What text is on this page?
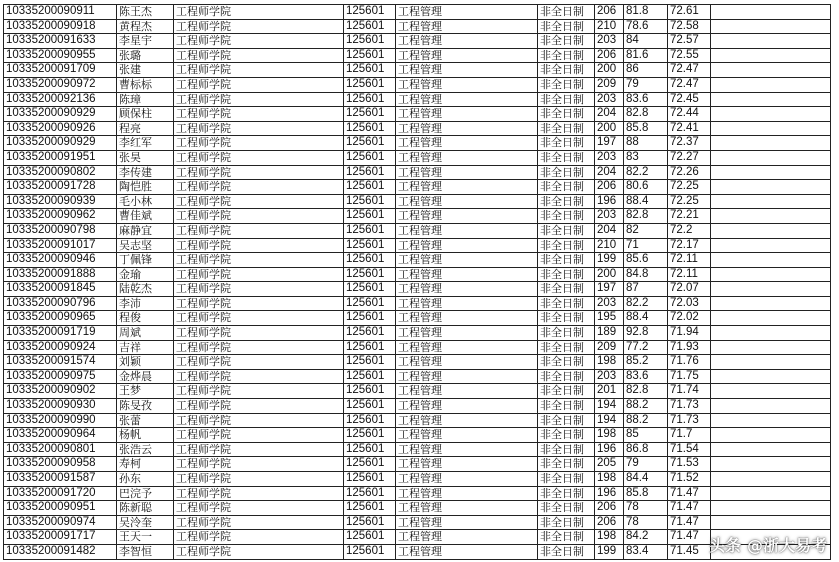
10335200090911	陈王杰	工程师学院	125601	工程管理	非全日制	206	81.8	72.61	
10335200090918	黄程杰	工程师学院	125601	工程管理	非全日制	210	78.6	72.58	
10335200091633	李星宇	工程师学院	125601	工程管理	非全日制	203	84	72.57	
10335200090955	张璐	工程师学院	125601	工程管理	非全日制	206	81.6	72.55	
10335200091709	张建	工程师学院	125601	工程管理	非全日制	200	86	72.47	
10335200090972	曹标标	工程师学院	125601	工程管理	非全日制	209	79	72.47	
10335200092136	陈璋	工程师学院	125601	工程管理	非全日制	203	83.6	72.45	
10335200090929	顾保柱	工程师学院	125601	工程管理	非全日制	204	82.8	72.44	
10335200090926	程亮	工程师学院	125601	工程管理	非全日制	200	85.8	72.41	
10335200090929	李红军	工程师学院	125601	工程管理	非全日制	197	88	72.37	
10335200091951	张昊	工程师学院	125601	工程管理	非全日制	203	83	72.27	
10335200090802	李传建	工程师学院	125601	工程管理	非全日制	204	82.2	72.26	
10335200091728	陶恺胜	工程师学院	125601	工程管理	非全日制	206	80.6	72.25	
10335200090939	毛小林	工程师学院	125601	工程管理	非全日制	196	88.4	72.25	
10335200090962	曹佳斌	工程师学院	125601	工程管理	非全日制	203	82.8	72.21	
10335200090798	麻静宜	工程师学院	125601	工程管理	非全日制	204	82	72.2	
10335200091017	吴志坚	工程师学院	125601	工程管理	非全日制	210	71	72.17	
10335200090946	丁佩锋	工程师学院	125601	工程管理	非全日制	199	85.6	72.11	
10335200091888	金瑜	工程师学院	125601	工程管理	非全日制	200	84.8	72.11	
10335200091845	陆乾杰	工程师学院	125601	工程管理	非全日制	197	87	72.07	
10335200090796	李沛	工程师学院	125601	工程管理	非全日制	203	82.2	72.03	
10335200090965	程俊	工程师学院	125601	工程管理	非全日制	195	88.4	72.02	
10335200091719	周斌	工程师学院	125601	工程管理	非全日制	189	92.8	71.94	
10335200090924	吉祥	工程师学院	125601	工程管理	非全日制	209	77.2	71.93	
10335200091574	刘颖	工程师学院	125601	工程管理	非全日制	198	85.2	71.76	
10335200090975	金烨晨	工程师学院	125601	工程管理	非全日制	203	83.6	71.75	
10335200090902	王梦	工程师学院	125601	工程管理	非全日制	201	82.8	71.74	
10335200090930	陈旻孜	工程师学院	125601	工程管理	非全日制	194	88.2	71.73	
10335200090990	张蕾	工程师学院	125601	工程管理	非全日制	194	88.2	71.73	
10335200090964	杨帆	工程师学院	125601	工程管理	非全日制	198	85	71.7	
10335200090801	张浩云	工程师学院	125601	工程管理	非全日制	196	86.8	71.54	
10335200090958	寿柯	工程师学院	125601	工程管理	非全日制	205	79	71.53	
10335200091587	孙东	工程师学院	125601	工程管理	非全日制	198	84.4	71.52	
10335200091720	巴浣予	工程师学院	125601	工程管理	非全日制	196	85.8	71.47	
10335200090951	陈新聪	工程师学院	125601	工程管理	非全日制	206	78	71.47	
10335200090974	吴泠奎	工程师学院	125601	工程管理	非全日制	206	78	71.47	
10335200091717	王天一	工程师学院	125601	工程管理	非全日制	198	84.2	71.47	
10335200091482	李智恒	工程师学院	125601	工程管理	非全日制	199	83.4	71.45	头条 @浙大易考
